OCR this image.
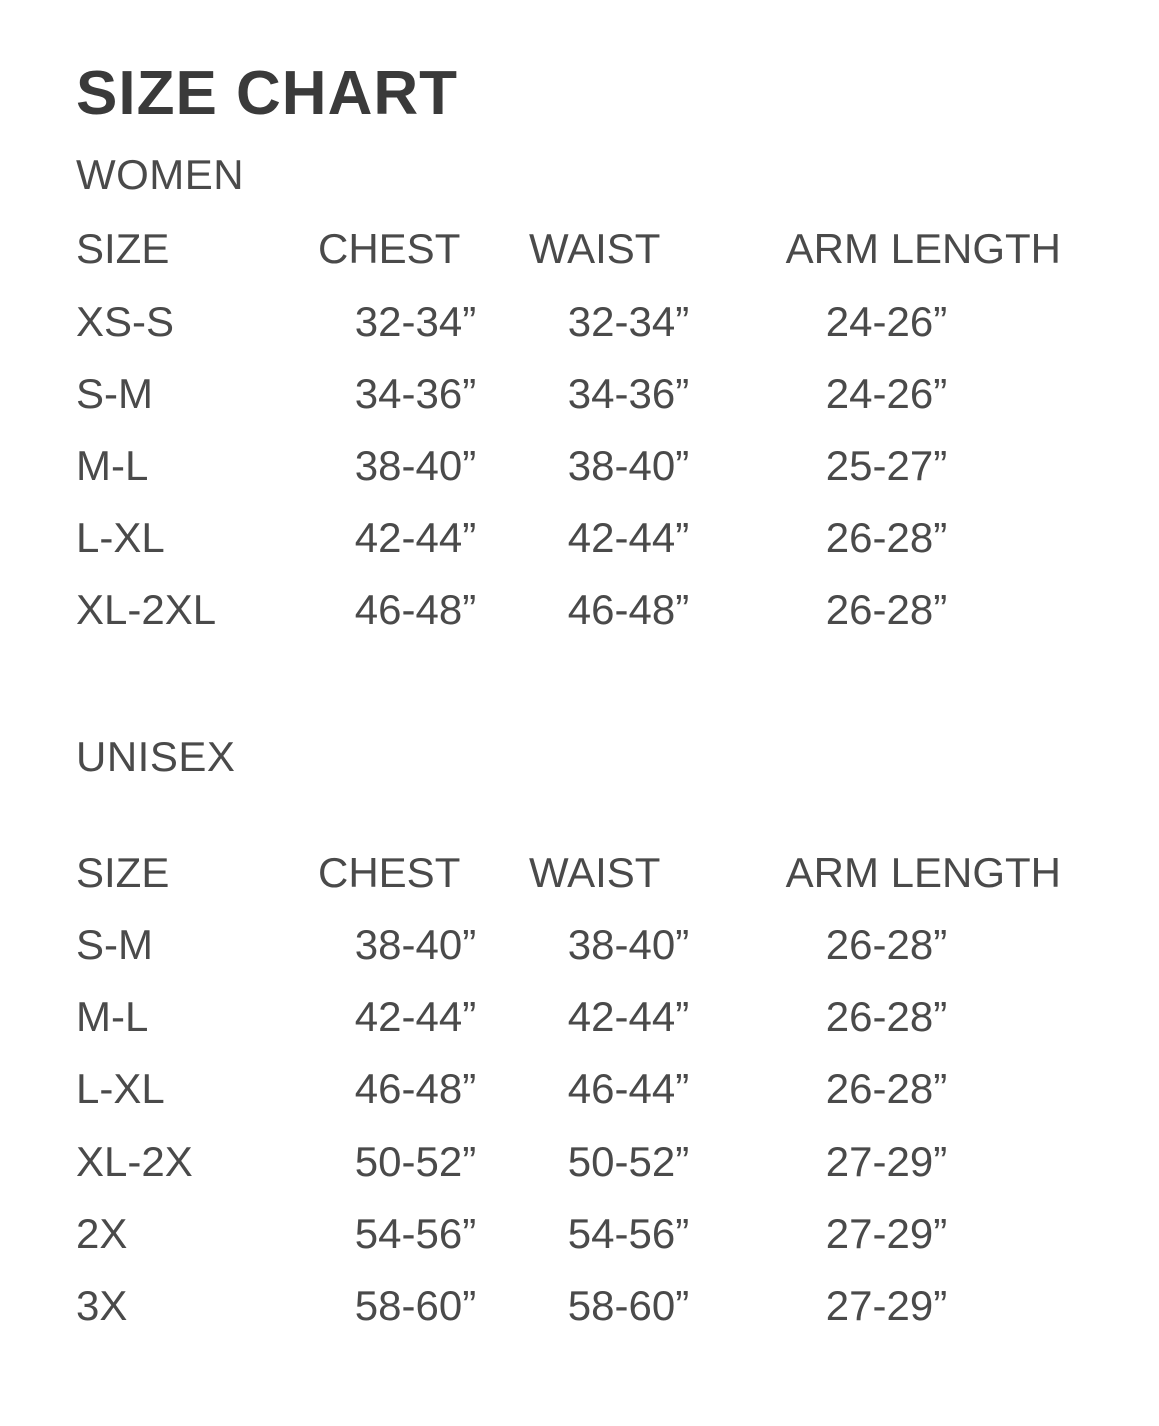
SIZE CHART
WOMEN
SIZE	CHEST	WAIST	ARM LENGTH
XS-S	32-34”	32-34”	24-26”
S-M	34-36”	34-36”	24-26”
M-L	38-40”	38-40”	25-27”
L-XL	42-44”	42-44”	26-28”
XL-2XL	46-48”	46-48”	26-28”
UNISEX
SIZE	CHEST	WAIST	ARM LENGTH
S-M	38-40”	38-40”	26-28”
M-L	42-44”	42-44”	26-28”
L-XL	46-48”	46-44”	26-28”
XL-2X	50-52”	50-52”	27-29”
2X	54-56”	54-56”	27-29”
3X	58-60”	58-60”	27-29”
